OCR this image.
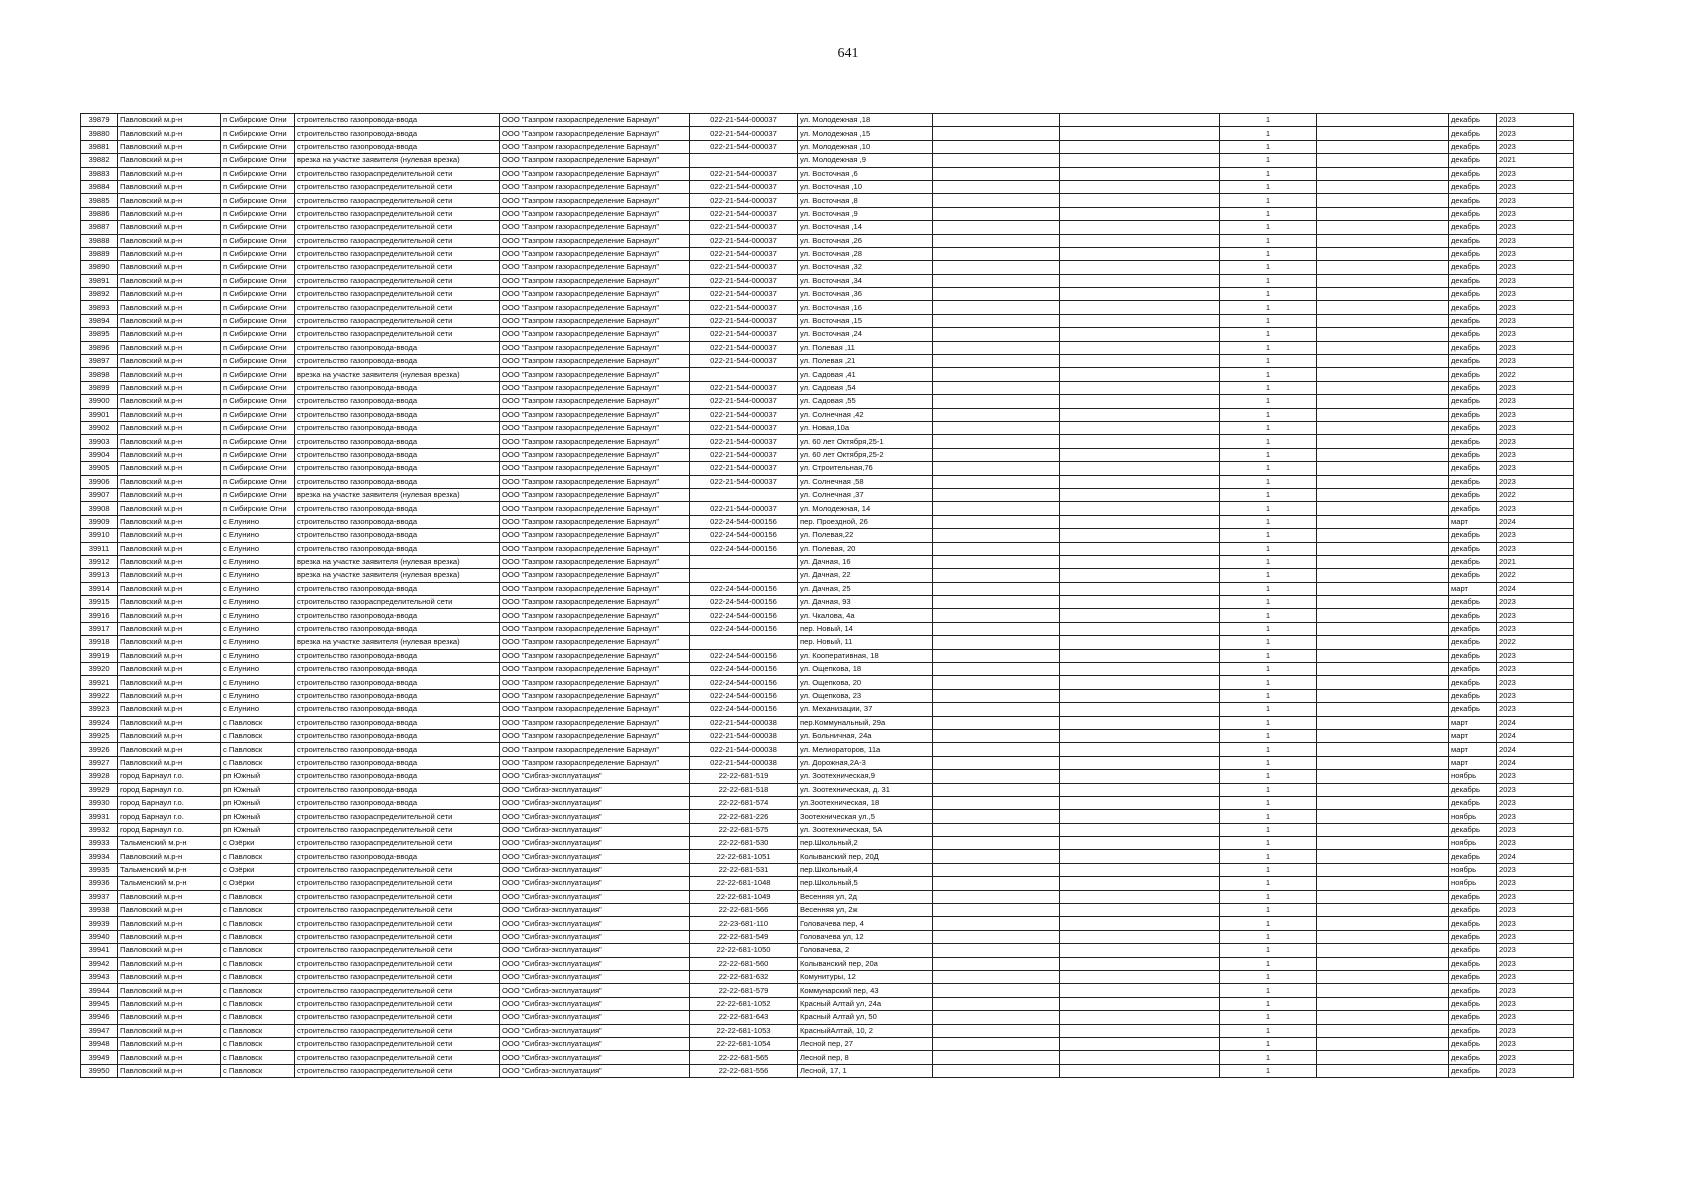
641
39879	Павловский м.р-н	п Сибирские Огни	строительство газопровода-ввода	ООО "Газпром газораспределение Барнаул"	022-21-544-000037	ул. Молодежная ,18			1		декабрь	2023
39880	Павловский м.р-н	п Сибирские Огни	строительство газопровода-ввода	ООО "Газпром газораспределение Барнаул"	022-21-544-000037	ул. Молодежная ,15			1		декабрь	2023
39881	Павловский м.р-н	п Сибирские Огни	строительство газопровода-ввода	ООО "Газпром газораспределение Барнаул"	022-21-544-000037	ул. Молодежная ,10			1		декабрь	2023
39882	Павловский м.р-н	п Сибирские Огни	врезка на участке заявителя (нулевая врезка)	ООО "Газпром газораспределение Барнаул"		ул. Молодежная ,9			1		декабрь	2021
39883	Павловский м.р-н	п Сибирские Огни	строительство газораспределительной сети	ООО "Газпром газораспределение Барнаул"	022-21-544-000037	ул. Восточная ,6			1		декабрь	2023
39884	Павловский м.р-н	п Сибирские Огни	строительство газораспределительной сети	ООО "Газпром газораспределение Барнаул"	022-21-544-000037	ул. Восточная ,10			1		декабрь	2023
39885	Павловский м.р-н	п Сибирские Огни	строительство газораспределительной сети	ООО "Газпром газораспределение Барнаул"	022-21-544-000037	ул. Восточная ,8			1		декабрь	2023
39886	Павловский м.р-н	п Сибирские Огни	строительство газораспределительной сети	ООО "Газпром газораспределение Барнаул"	022-21-544-000037	ул. Восточная ,9			1		декабрь	2023
39887	Павловский м.р-н	п Сибирские Огни	строительство газораспределительной сети	ООО "Газпром газораспределение Барнаул"	022-21-544-000037	ул. Восточная ,14			1		декабрь	2023
39888	Павловский м.р-н	п Сибирские Огни	строительство газораспределительной сети	ООО "Газпром газораспределение Барнаул"	022-21-544-000037	ул. Восточная ,26			1		декабрь	2023
39889	Павловский м.р-н	п Сибирские Огни	строительство газораспределительной сети	ООО "Газпром газораспределение Барнаул"	022-21-544-000037	ул. Восточная ,28			1		декабрь	2023
39890	Павловский м.р-н	п Сибирские Огни	строительство газораспределительной сети	ООО "Газпром газораспределение Барнаул"	022-21-544-000037	ул. Восточная ,32			1		декабрь	2023
39891	Павловский м.р-н	п Сибирские Огни	строительство газораспределительной сети	ООО "Газпром газораспределение Барнаул"	022-21-544-000037	ул. Восточная ,34			1		декабрь	2023
39892	Павловский м.р-н	п Сибирские Огни	строительство газораспределительной сети	ООО "Газпром газораспределение Барнаул"	022-21-544-000037	ул. Восточная ,36			1		декабрь	2023
39893	Павловский м.р-н	п Сибирские Огни	строительство газораспределительной сети	ООО "Газпром газораспределение Барнаул"	022-21-544-000037	ул. Восточная ,16			1		декабрь	2023
39894	Павловский м.р-н	п Сибирские Огни	строительство газораспределительной сети	ООО "Газпром газораспределение Барнаул"	022-21-544-000037	ул. Восточная ,15			1		декабрь	2023
39895	Павловский м.р-н	п Сибирские Огни	строительство газораспределительной сети	ООО "Газпром газораспределение Барнаул"	022-21-544-000037	ул. Восточная ,24			1		декабрь	2023
39896	Павловский м.р-н	п Сибирские Огни	строительство газопровода-ввода	ООО "Газпром газораспределение Барнаул"	022-21-544-000037	ул. Полевая ,11			1		декабрь	2023
39897	Павловский м.р-н	п Сибирские Огни	строительство газопровода-ввода	ООО "Газпром газораспределение Барнаул"	022-21-544-000037	ул. Полевая ,21			1		декабрь	2023
39898	Павловский м.р-н	п Сибирские Огни	врезка на участке заявителя (нулевая врезка)	ООО "Газпром газораспределение Барнаул"		ул. Садовая ,41			1		декабрь	2022
39899	Павловский м.р-н	п Сибирские Огни	строительство газопровода-ввода	ООО "Газпром газораспределение Барнаул"	022-21-544-000037	ул. Садовая ,54			1		декабрь	2023
39900	Павловский м.р-н	п Сибирские Огни	строительство газопровода-ввода	ООО "Газпром газораспределение Барнаул"	022-21-544-000037	ул. Садовая ,55			1		декабрь	2023
39901	Павловский м.р-н	п Сибирские Огни	строительство газопровода-ввода	ООО "Газпром газораспределение Барнаул"	022-21-544-000037	ул. Солнечная ,42			1		декабрь	2023
39902	Павловский м.р-н	п Сибирские Огни	строительство газопровода-ввода	ООО "Газпром газораспределение Барнаул"	022-21-544-000037	ул. Новая,10а			1		декабрь	2023
39903	Павловский м.р-н	п Сибирские Огни	строительство газопровода-ввода	ООО "Газпром газораспределение Барнаул"	022-21-544-000037	ул. 60 лет Октября,25-1			1		декабрь	2023
39904	Павловский м.р-н	п Сибирские Огни	строительство газопровода-ввода	ООО "Газпром газораспределение Барнаул"	022-21-544-000037	ул. 60 лет Октября,25-2			1		декабрь	2023
39905	Павловский м.р-н	п Сибирские Огни	строительство газопровода-ввода	ООО "Газпром газораспределение Барнаул"	022-21-544-000037	ул. Строительная,76			1		декабрь	2023
39906	Павловский м.р-н	п Сибирские Огни	строительство газопровода-ввода	ООО "Газпром газораспределение Барнаул"	022-21-544-000037	ул. Солнечная ,58			1		декабрь	2023
39907	Павловский м.р-н	п Сибирские Огни	врезка на участке заявителя (нулевая врезка)	ООО "Газпром газораспределение Барнаул"		ул. Солнечная ,37			1		декабрь	2022
39908	Павловский м.р-н	п Сибирские Огни	строительство газопровода-ввода	ООО "Газпром газораспределение Барнаул"	022-21-544-000037	ул. Молодежная, 14			1		декабрь	2023
39909	Павловский м.р-н	с Елунино	строительство газопровода-ввода	ООО "Газпром газораспределение Барнаул"	022-24-544-000156	пер. Проездной, 26			1		март	2024
39910	Павловский м.р-н	с Елунино	строительство газопровода-ввода	ООО "Газпром газораспределение Барнаул"	022-24-544-000156	ул. Полевая,22			1		декабрь	2023
39911	Павловский м.р-н	с Елунино	строительство газопровода-ввода	ООО "Газпром газораспределение Барнаул"	022-24-544-000156	ул. Полевая, 20			1		декабрь	2023
39912	Павловский м.р-н	с Елунино	врезка на участке заявителя (нулевая врезка)	ООО "Газпром газораспределение Барнаул"		ул. Дачная, 16			1		декабрь	2021
39913	Павловский м.р-н	с Елунино	врезка на участке заявителя (нулевая врезка)	ООО "Газпром газораспределение Барнаул"		ул. Дачная, 22			1		декабрь	2022
39914	Павловский м.р-н	с Елунино	строительство газопровода-ввода	ООО "Газпром газораспределение Барнаул"	022-24-544-000156	ул. Дачная, 25			1		март	2024
39915	Павловский м.р-н	с Елунино	строительство газораспределительной сети	ООО "Газпром газораспределение Барнаул"	022-24-544-000156	ул. Дачная, 93			1		декабрь	2023
39916	Павловский м.р-н	с Елунино	строительство газопровода-ввода	ООО "Газпром газораспределение Барнаул"	022-24-544-000156	ул. Чкалова, 4а			1		декабрь	2023
39917	Павловский м.р-н	с Елунино	строительство газопровода-ввода	ООО "Газпром газораспределение Барнаул"	022-24-544-000156	пер. Новый, 14			1		декабрь	2023
39918	Павловский м.р-н	с Елунино	врезка на участке заявителя (нулевая врезка)	ООО "Газпром газораспределение Барнаул"		пер. Новый, 11			1		декабрь	2022
39919	Павловский м.р-н	с Елунино	строительство газопровода-ввода	ООО "Газпром газораспределение Барнаул"	022-24-544-000156	ул. Кооперативная, 18			1		декабрь	2023
39920	Павловский м.р-н	с Елунино	строительство газопровода-ввода	ООО "Газпром газораспределение Барнаул"	022-24-544-000156	ул. Ощепкова, 18			1		декабрь	2023
39921	Павловский м.р-н	с Елунино	строительство газопровода-ввода	ООО "Газпром газораспределение Барнаул"	022-24-544-000156	ул. Ощепкова, 20			1		декабрь	2023
39922	Павловский м.р-н	с Елунино	строительство газопровода-ввода	ООО "Газпром газораспределение Барнаул"	022-24-544-000156	ул. Ощепкова, 23			1		декабрь	2023
39923	Павловский м.р-н	с Елунино	строительство газопровода-ввода	ООО "Газпром газораспределение Барнаул"	022-24-544-000156	ул. Механизации, 37			1		декабрь	2023
39924	Павловский м.р-н	с Павловск	строительство газопровода-ввода	ООО "Газпром газораспределение Барнаул"	022-21-544-000038	пер.Коммунальный, 29а			1		март	2024
39925	Павловский м.р-н	с Павловск	строительство газопровода-ввода	ООО "Газпром газораспределение Барнаул"	022-21-544-000038	ул. Больничная, 24а			1		март	2024
39926	Павловский м.р-н	с Павловск	строительство газопровода-ввода	ООО "Газпром газораспределение Барнаул"	022-21-544-000038	ул. Мелиораторов, 11а			1		март	2024
39927	Павловский м.р-н	с Павловск	строительство газопровода-ввода	ООО "Газпром газораспределение Барнаул"	022-21-544-000038	ул. Дорожная,2А-3			1		март	2024
39928	город Барнаул г.о.	рп Южный	строительство газопровода-ввода	ООО "Сибгаз-эксплуатация"	22-22-681-519	ул. Зоотехническая,9			1		ноябрь	2023
39929	город Барнаул г.о.	рп Южный	строительство газопровода-ввода	ООО "Сибгаз-эксплуатация"	22-22-681-518	ул. Зоотехническая, д. 31			1		декабрь	2023
39930	город Барнаул г.о.	рп Южный	строительство газопровода-ввода	ООО "Сибгаз-эксплуатация"	22-22-681-574	ул.Зоотехническая, 18			1		декабрь	2023
39931	город Барнаул г.о.	рп Южный	строительство газораспределительной сети	ООО "Сибгаз-эксплуатация"	22-22-681-226	Зоотехническая ул.,5			1		ноябрь	2023
39932	город Барнаул г.о.	рп Южный	строительство газораспределительной сети	ООО "Сибгаз-эксплуатация"	22-22-681-575	ул. Зоотехническая, 5А			1		декабрь	2023
39933	Тальменский м.р-н	с Озёрки	строительство газораспределительной сети	ООО "Сибгаз-эксплуатация"	22-22-681-530	пер.Школьный,2			1		ноябрь	2023
39934	Павловский м.р-н	с Павловск	строительство газопровода-ввода	ООО "Сибгаз-эксплуатация"	22-22-681-1051	Колыванский пер, 20Д			1		декабрь	2024
39935	Тальменский м.р-н	с Озёрки	строительство газораспределительной сети	ООО "Сибгаз-эксплуатация"	22-22-681-531	пер.Школьный,4			1		ноябрь	2023
39936	Тальменский м.р-н	с Озёрки	строительство газораспределительной сети	ООО "Сибгаз-эксплуатация"	22-22-681-1048	пер.Школьный,5			1		ноябрь	2023
39937	Павловский м.р-н	с Павловск	строительство газораспределительной сети	ООО "Сибгаз-эксплуатация"	22-22-681-1049	Весенняя ул, 2д			1		декабрь	2023
39938	Павловский м.р-н	с Павловск	строительство газораспределительной сети	ООО "Сибгаз-эксплуатация"	22-22-681-566	Весенняя ул, 2ж			1		декабрь	2023
39939	Павловский м.р-н	с Павловск	строительство газораспределительной сети	ООО "Сибгаз-эксплуатация"	22-23-681-110	Головачева пер, 4			1		декабрь	2023
39940	Павловский м.р-н	с Павловск	строительство газораспределительной сети	ООО "Сибгаз-эксплуатация"	22-22-681-549	Головачева ул, 12			1		декабрь	2023
39941	Павловский м.р-н	с Павловск	строительство газораспределительной сети	ООО "Сибгаз-эксплуатация"	22-22-681-1050	Головачева, 2			1		декабрь	2023
39942	Павловский м.р-н	с Павловск	строительство газораспределительной сети	ООО "Сибгаз-эксплуатация"	22-22-681-560	Колыванский пер, 20а			1		декабрь	2023
39943	Павловский м.р-н	с Павловск	строительство газораспределительной сети	ООО "Сибгаз-эксплуатация"	22-22-681-632	Комунитуры, 12			1		декабрь	2023
39944	Павловский м.р-н	с Павловск	строительство газораспределительной сети	ООО "Сибгаз-эксплуатация"	22-22-681-579	Коммунарский пер, 43			1		декабрь	2023
39945	Павловский м.р-н	с Павловск	строительство газораспределительной сети	ООО "Сибгаз-эксплуатация"	22-22-681-1052	Красный Алтай ул, 24а			1		декабрь	2023
39946	Павловский м.р-н	с Павловск	строительство газораспределительной сети	ООО "Сибгаз-эксплуатация"	22-22-681-643	Красный Алтай ул, 50			1		декабрь	2023
39947	Павловский м.р-н	с Павловск	строительство газораспределительной сети	ООО "Сибгаз-эксплуатация"	22-22-681-1053	КрасныйАлтай, 10, 2			1		декабрь	2023
39948	Павловский м.р-н	с Павловск	строительство газораспределительной сети	ООО "Сибгаз-эксплуатация"	22-22-681-1054	Лесной пер, 27			1		декабрь	2023
39949	Павловский м.р-н	с Павловск	строительство газораспределительной сети	ООО "Сибгаз-эксплуатация"	22-22-681-565	Лесной пер, 8			1		декабрь	2023
39950	Павловский м.р-н	с Павловск	строительство газораспределительной сети	ООО "Сибгаз-эксплуатация"	22-22-681-556	Лесной, 17, 1			1		декабрь	2023
